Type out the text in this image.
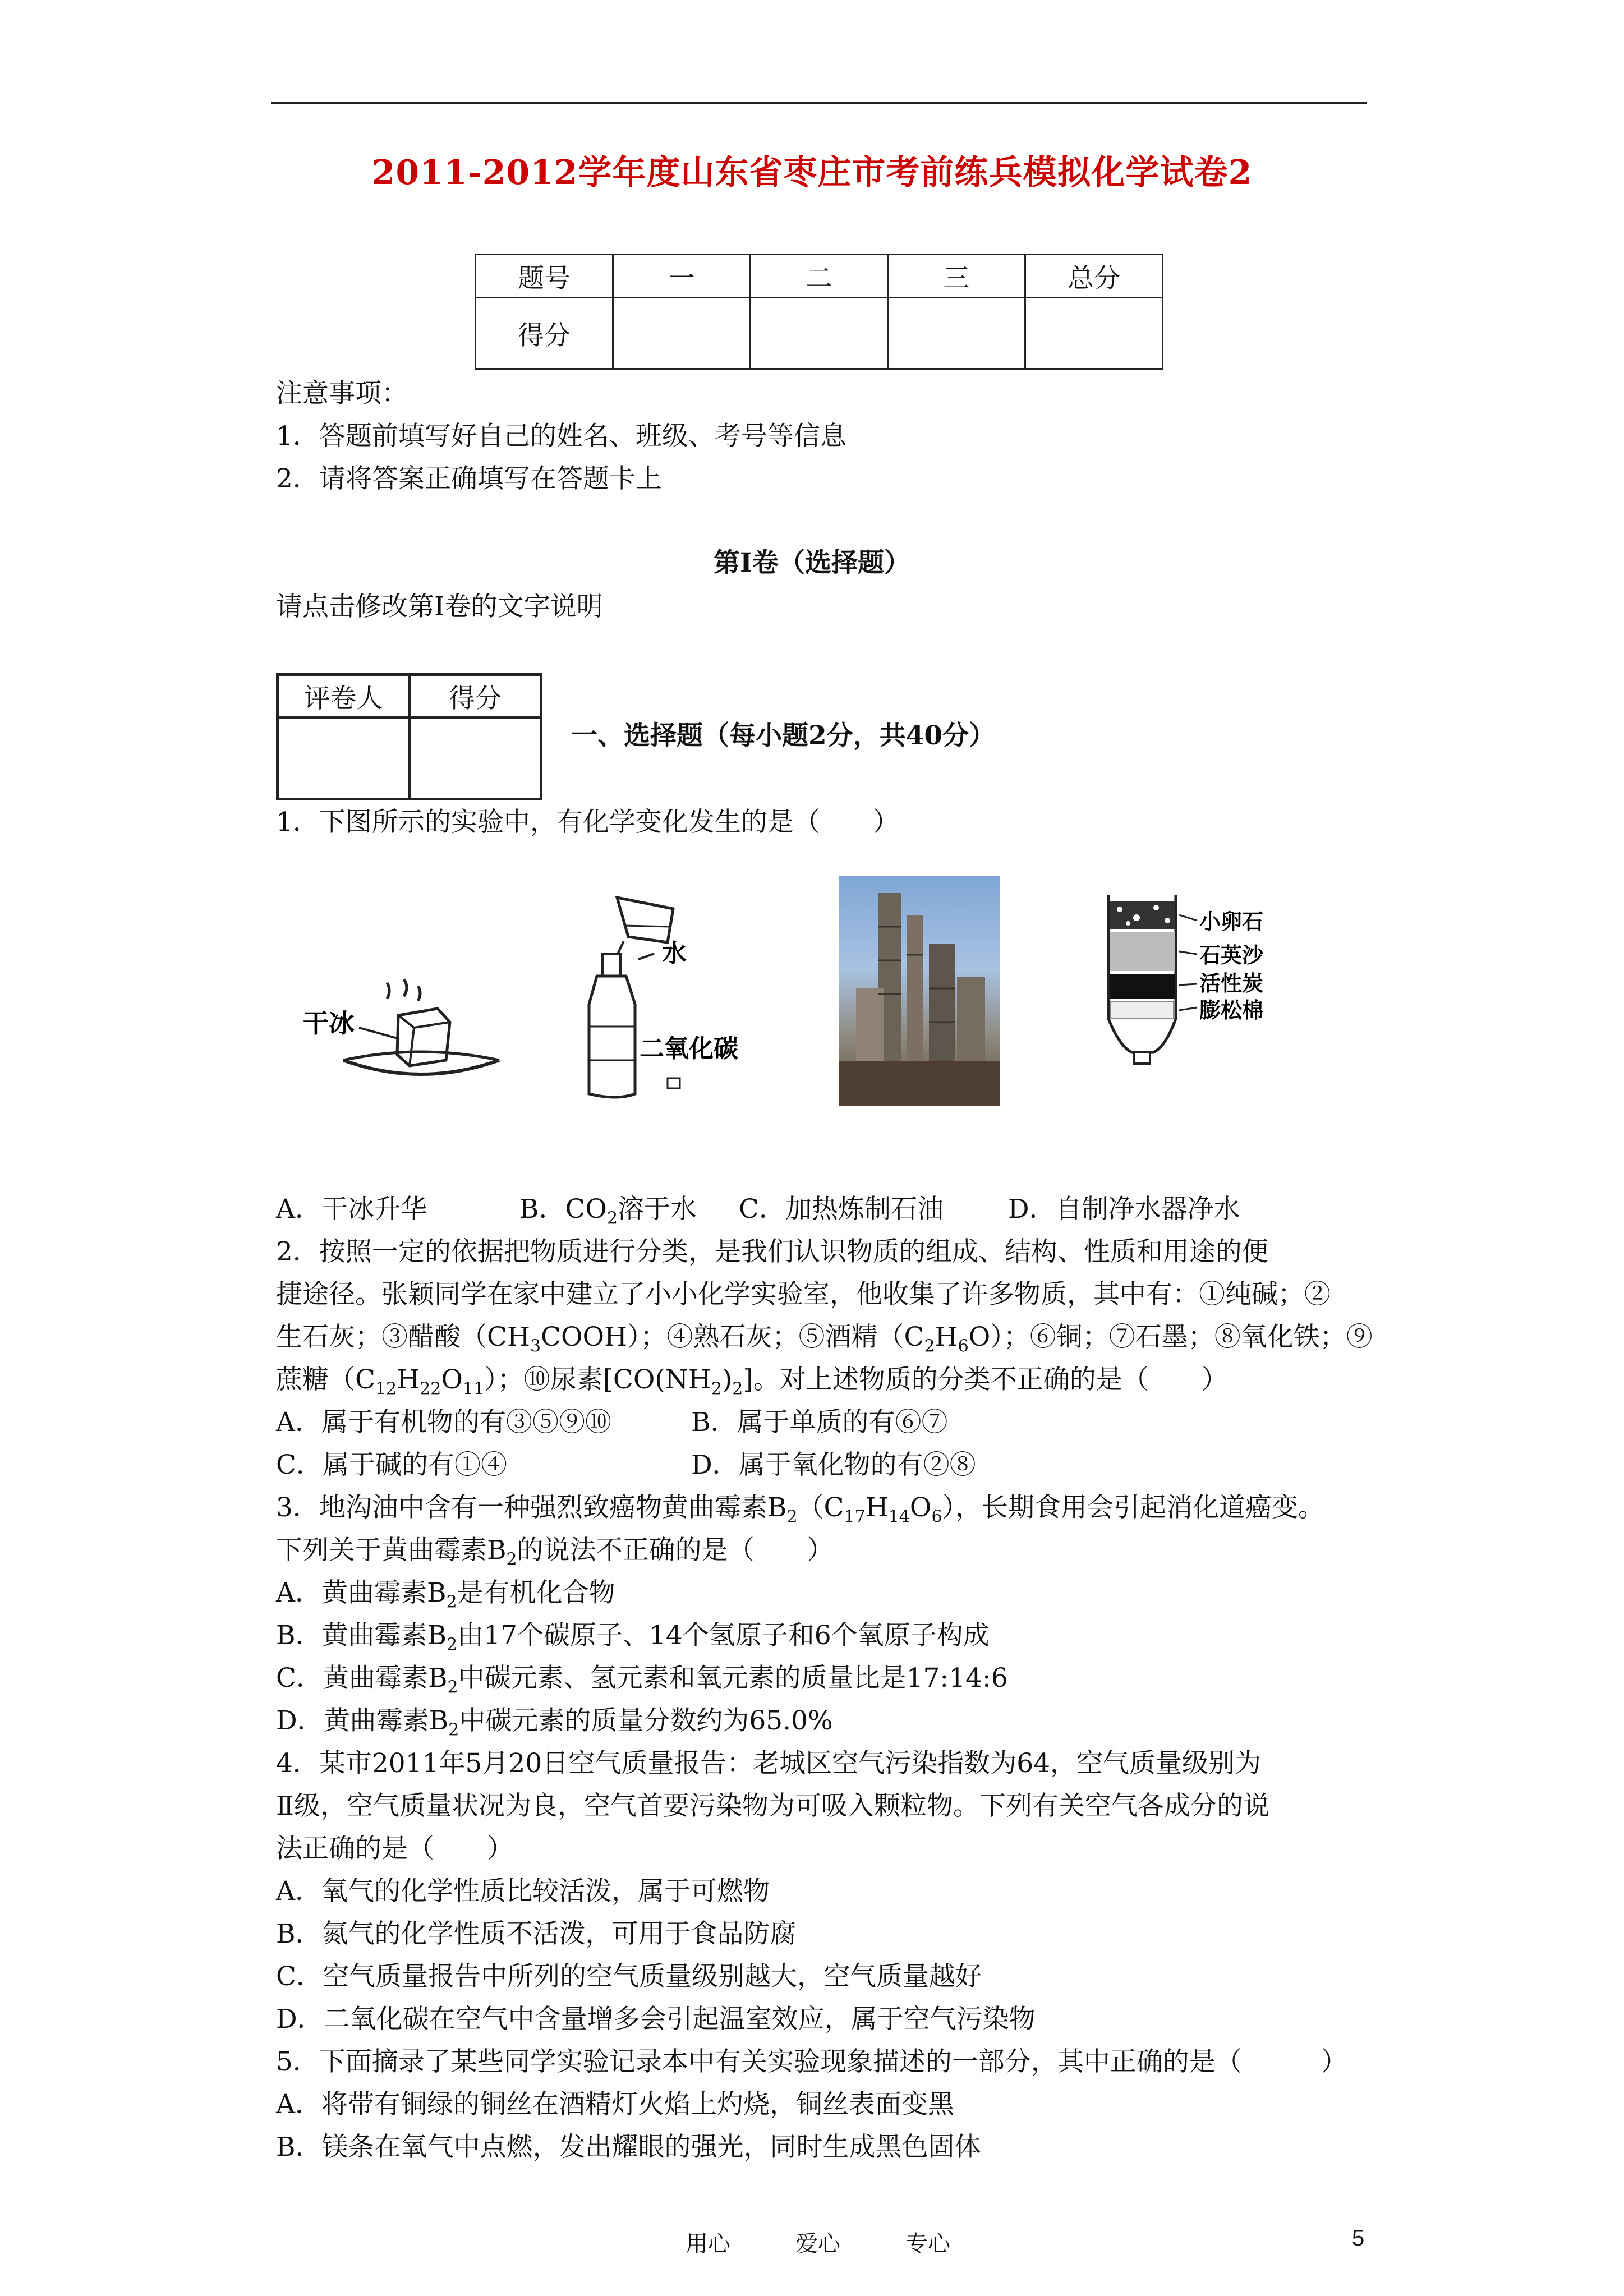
2011-2012学年度山东省枣庄市考前练兵模拟化学试卷2
题号	一	二	三	总分
得分				
注意事项：
1．答题前填写好自己的姓名、班级、考号等信息
2．请将答案正确填写在答题卡上
第I卷（选择题）
请点击修改第I卷的文字说明
评卷人	得分

一、选择题（每小题2分，共40分）
1．下图所示的实验中，有化学变化发生的是（　　）
干冰
水
二氧化碳
小卵石
石英沙
活性炭
膨松棉
A．干冰升华	B．$CO_2$溶于水 C．加热炼制石油 D．自制净水器净水
2．按照一定的依据把物质进行分类，是我们认识物质的组成、结构、性质和用途的便
捷途径。张颖同学在家中建立了小小化学实验室，他收集了许多物质，其中有：①纯碱；②
生石灰；③醋酸$(CH_3COOH)$；④熟石灰；⑤酒精$(C_2H_6O)$；⑥铜；⑦石墨；⑧氧化铁；⑨
蔗糖$(C_{12}H_{22}O_{11})$；⑩尿素$[CO(NH_2)_2]$。对上述物质的分类不正确的是（　　）
A．属于有机物的有③⑤⑨⑩	B．属于单质的有⑥⑦
C．属于碱的有①④	D．属于氧化物的有②⑧
3．地沟油中含有一种强烈致癌物黄曲霉素$B_2(C_{17}H_{14}O_6)$，长期食用会引起消化道癌变。
下列关于黄曲霉素$B_2$的说法不正确的是（　　）
A．黄曲霉素$B_2$是有机化合物
B．黄曲霉素$B_2$由17个碳原子、14个氢原子和6个氧原子构成
C．黄曲霉素$B_2$中碳元素、氢元素和氧元素的质量比是17:14:6
D．黄曲霉素$B_2$中碳元素的质量分数约为65.0%
4．某市2011年5月20日空气质量报告：老城区空气污染指数为64，空气质量级别为
Ⅱ级，空气质量状况为良，空气首要污染物为可吸入颗粒物。下列有关空气各成分的说
法正确的是（　　）
A．氧气的化学性质比较活泼，属于可燃物
B．氮气的化学性质不活泼，可用于食品防腐
C．空气质量报告中所列的空气质量级别越大，空气质量越好
D．二氧化碳在空气中含量增多会引起温室效应，属于空气污染物
5．下面摘录了某些同学实验记录本中有关实验现象描述的一部分，其中正确的是（　　　）
A．将带有铜绿的铜丝在酒精灯火焰上灼烧，铜丝表面变黑
B．镁条在氧气中点燃，发出耀眼的强光，同时生成黑色固体
用心	爱心	专心	5
